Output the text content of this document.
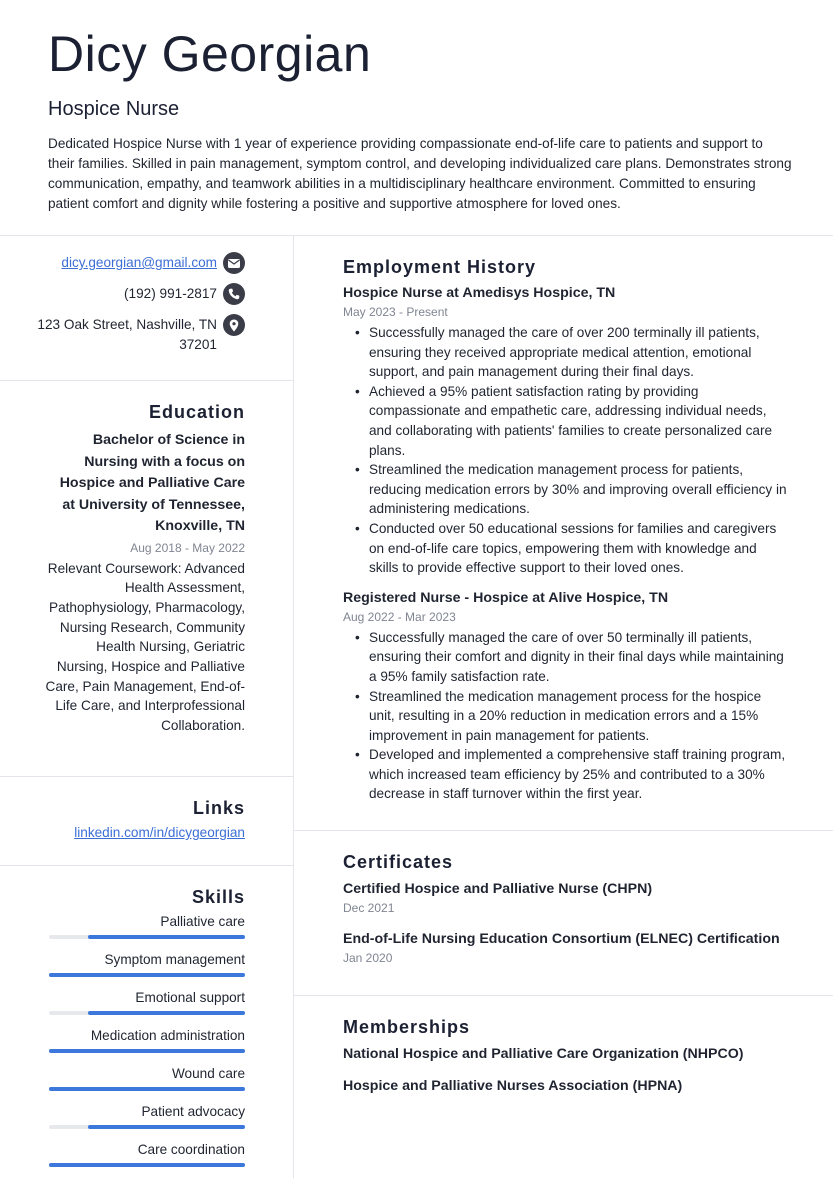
Dicy Georgian
Hospice Nurse
Dedicated Hospice Nurse with 1 year of experience providing compassionate end-of-life care to patients and support to their families. Skilled in pain management, symptom control, and developing individualized care plans. Demonstrates strong communication, empathy, and teamwork abilities in a multidisciplinary healthcare environment. Committed to ensuring patient comfort and dignity while fostering a positive and supportive atmosphere for loved ones.
dicy.georgian@gmail.com
(192) 991-2817
123 Oak Street, Nashville, TN 37201
Education
Bachelor of Science in Nursing with a focus on Hospice and Palliative Care at University of Tennessee, Knoxville, TN
Aug 2018 - May 2022
Relevant Coursework: Advanced Health Assessment, Pathophysiology, Pharmacology, Nursing Research, Community Health Nursing, Geriatric Nursing, Hospice and Palliative Care, Pain Management, End-of-Life Care, and Interprofessional Collaboration.
Links
linkedin.com/in/dicygeorgian
Skills
Palliative care
Symptom management
Emotional support
Medication administration
Wound care
Patient advocacy
Care coordination
Employment History
Hospice Nurse at Amedisys Hospice, TN
May 2023 - Present
• Successfully managed the care of over 200 terminally ill patients, ensuring they received appropriate medical attention, emotional support, and pain management during their final days.
• Achieved a 95% patient satisfaction rating by providing compassionate and empathetic care, addressing individual needs, and collaborating with patients' families to create personalized care plans.
• Streamlined the medication management process for patients, reducing medication errors by 30% and improving overall efficiency in administering medications.
• Conducted over 50 educational sessions for families and caregivers on end-of-life care topics, empowering them with knowledge and skills to provide effective support to their loved ones.
Registered Nurse - Hospice at Alive Hospice, TN
Aug 2022 - Mar 2023
• Successfully managed the care of over 50 terminally ill patients, ensuring their comfort and dignity in their final days while maintaining a 95% family satisfaction rate.
• Streamlined the medication management process for the hospice unit, resulting in a 20% reduction in medication errors and a 15% improvement in pain management for patients.
• Developed and implemented a comprehensive staff training program, which increased team efficiency by 25% and contributed to a 30% decrease in staff turnover within the first year.
Certificates
Certified Hospice and Palliative Nurse (CHPN)
Dec 2021
End-of-Life Nursing Education Consortium (ELNEC) Certification
Jan 2020
Memberships
National Hospice and Palliative Care Organization (NHPCO)
Hospice and Palliative Nurses Association (HPNA)
